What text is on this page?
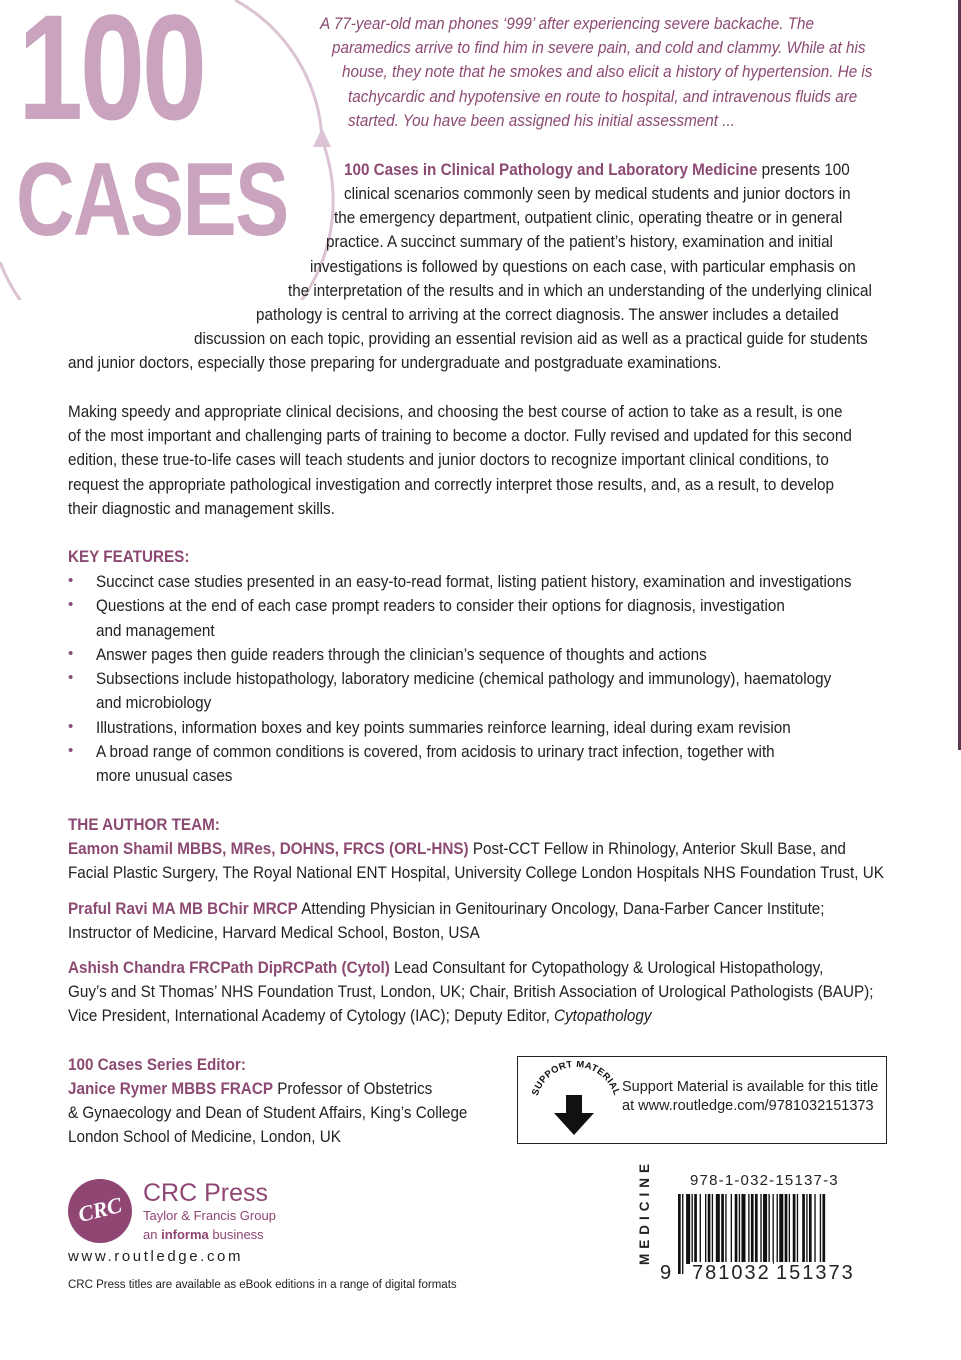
100
CASES
A 77-year-old man phones ‘999’ after experiencing severe backache. The
paramedics arrive to find him in severe pain, and cold and clammy. While at his
house, they note that he smokes and also elicit a history of hypertension. He is
tachycardic and hypotensive en route to hospital, and intravenous fluids are
started. You have been assigned his initial assessment ...
100 Cases in Clinical Pathology and Laboratory Medicine presents 100
clinical scenarios commonly seen by medical students and junior doctors in
the emergency department, outpatient clinic, operating theatre or in general
practice. A succinct summary of the patient’s history, examination and initial
investigations is followed by questions on each case, with particular emphasis on
the interpretation of the results and in which an understanding of the underlying clinical
pathology is central to arriving at the correct diagnosis. The answer includes a detailed
discussion on each topic, providing an essential revision aid as well as a practical guide for students
and junior doctors, especially those preparing for undergraduate and postgraduate examinations.
Making speedy and appropriate clinical decisions, and choosing the best course of action to take as a result, is one
of the most important and challenging parts of training to become a doctor. Fully revised and updated for this second
edition, these true-to-life cases will teach students and junior doctors to recognize important clinical conditions, to
request the appropriate pathological investigation and correctly interpret those results, and, as a result, to develop
their diagnostic and management skills.
KEY FEATURES:
• Succinct case studies presented in an easy-to-read format, listing patient history, examination and investigations
• Questions at the end of each case prompt readers to consider their options for diagnosis, investigation
and management
• Answer pages then guide readers through the clinician’s sequence of thoughts and actions
• Subsections include histopathology, laboratory medicine (chemical pathology and immunology), haematology
and microbiology
• Illustrations, information boxes and key points summaries reinforce learning, ideal during exam revision
• A broad range of common conditions is covered, from acidosis to urinary tract infection, together with
more unusual cases
THE AUTHOR TEAM:
Eamon Shamil MBBS, MRes, DOHNS, FRCS (ORL-HNS) Post-CCT Fellow in Rhinology, Anterior Skull Base, and
Facial Plastic Surgery, The Royal National ENT Hospital, University College London Hospitals NHS Foundation Trust, UK
Praful Ravi MA MB BChir MRCP Attending Physician in Genitourinary Oncology, Dana-Farber Cancer Institute;
Instructor of Medicine, Harvard Medical School, Boston, USA
Ashish Chandra FRCPath DipRCPath (Cytol) Lead Consultant for Cytopathology & Urological Histopathology,
Guy’s and St Thomas’ NHS Foundation Trust, London, UK; Chair, British Association of Urological Pathologists (BAUP);
Vice President, International Academy of Cytology (IAC); Deputy Editor, Cytopathology
100 Cases Series Editor:
Janice Rymer MBBS FRACP Professor of Obstetrics
& Gynaecology and Dean of Student Affairs, King’s College
London School of Medicine, London, UK
SUPPORT MATERIAL Support Material is available for this title
at www.routledge.com/9781032151373
CRC CRC Press
Taylor & Francis Group
an informa business
www.routledge.com
CRC Press titles are available as eBook editions in a range of digital formats
MEDICINE	978-1-032-15137-3
9 781032 151373
